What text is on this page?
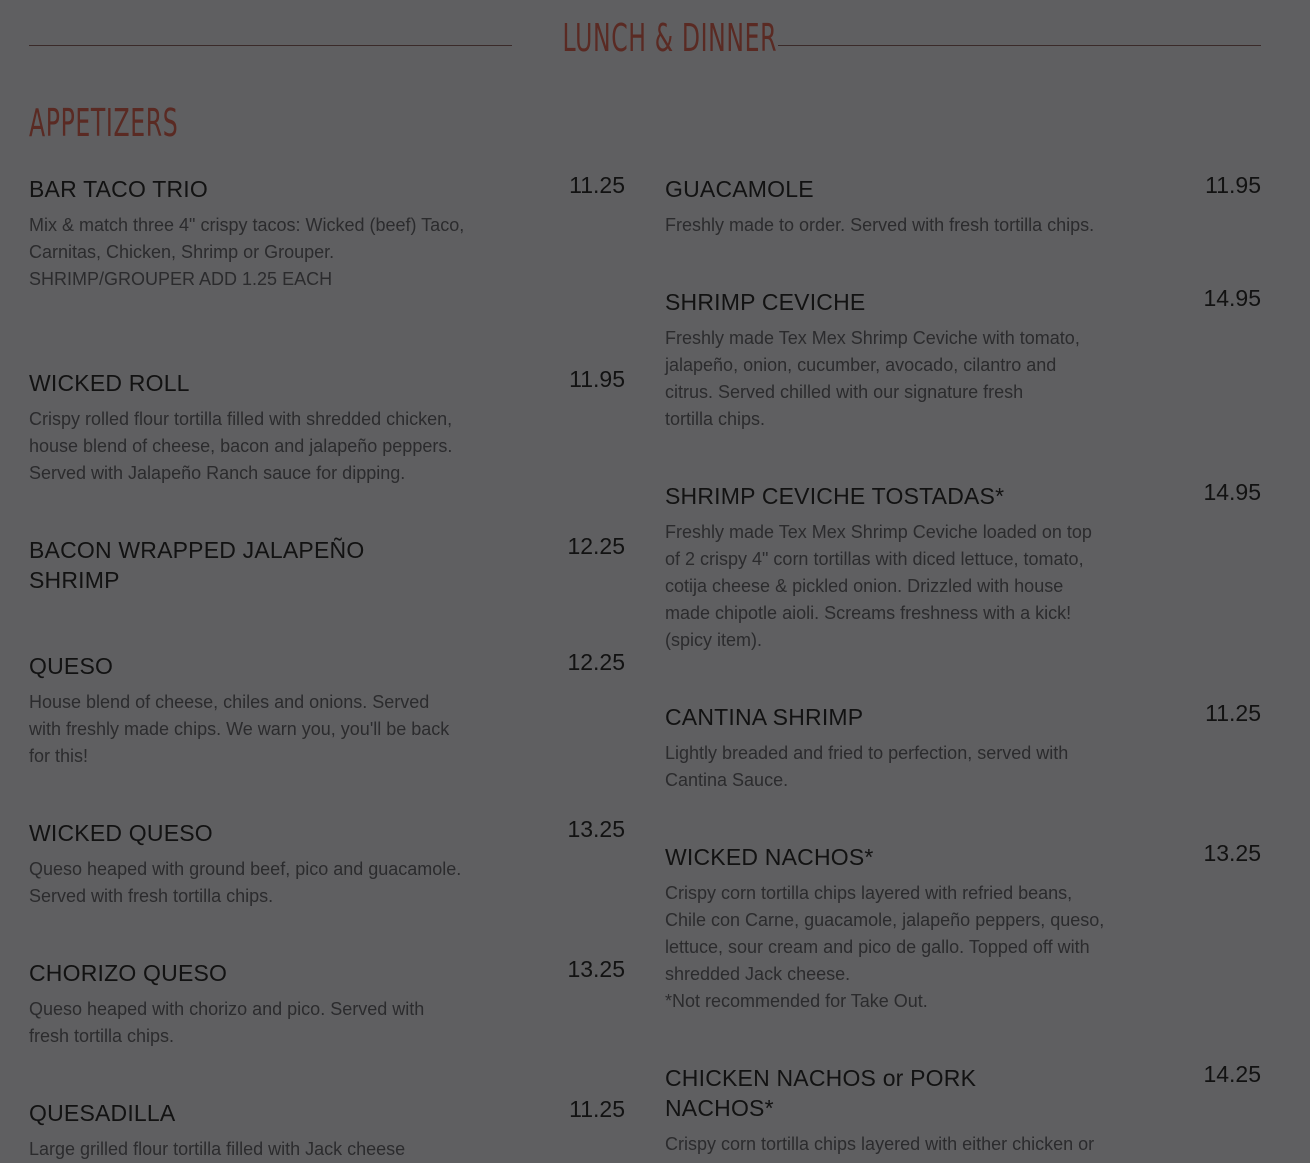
LUNCH & DINNER
APPETIZERS
BAR TACO TRIO	11.25
Mix & match three 4" crispy tacos: Wicked (beef) Taco,
Carnitas, Chicken, Shrimp or Grouper.
SHRIMP/GROUPER ADD 1.25 EACH
WICKED ROLL	11.95
Crispy rolled flour tortilla filled with shredded chicken,
house blend of cheese, bacon and jalapeño peppers.
Served with Jalapeño Ranch sauce for dipping.
BACON WRAPPED JALAPEÑO SHRIMP
12.25
QUESO	12.25
House blend of cheese, chiles and onions. Served
with freshly made chips. We warn you, you'll be back
for this!
WICKED QUESO	13.25
Queso heaped with ground beef, pico and guacamole.
Served with fresh tortilla chips.
CHORIZO QUESO	13.25
Queso heaped with chorizo and pico. Served with
fresh tortilla chips.
QUESADILLA	11.25
Large grilled flour tortilla filled with Jack cheese
GUACAMOLE	11.95
Freshly made to order. Served with fresh tortilla chips.
SHRIMP CEVICHE	14.95
Freshly made Tex Mex Shrimp Ceviche with tomato,
jalapeño, onion, cucumber, avocado, cilantro and
citrus. Served chilled with our signature fresh
tortilla chips.
SHRIMP CEVICHE TOSTADAS*	14.95
Freshly made Tex Mex Shrimp Ceviche loaded on top
of 2 crispy 4" corn tortillas with diced lettuce, tomato,
cotija cheese & pickled onion. Drizzled with house
made chipotle aioli. Screams freshness with a kick!
(spicy item).
CANTINA SHRIMP	11.25
Lightly breaded and fried to perfection, served with
Cantina Sauce.
WICKED NACHOS*	13.25
Crispy corn tortilla chips layered with refried beans,
Chile con Carne, guacamole, jalapeño peppers, queso,
lettuce, sour cream and pico de gallo. Topped off with
shredded Jack cheese.
*Not recommended for Take Out.
CHICKEN NACHOS or PORK NACHOS*
14.25
Crispy corn tortilla chips layered with either chicken or
